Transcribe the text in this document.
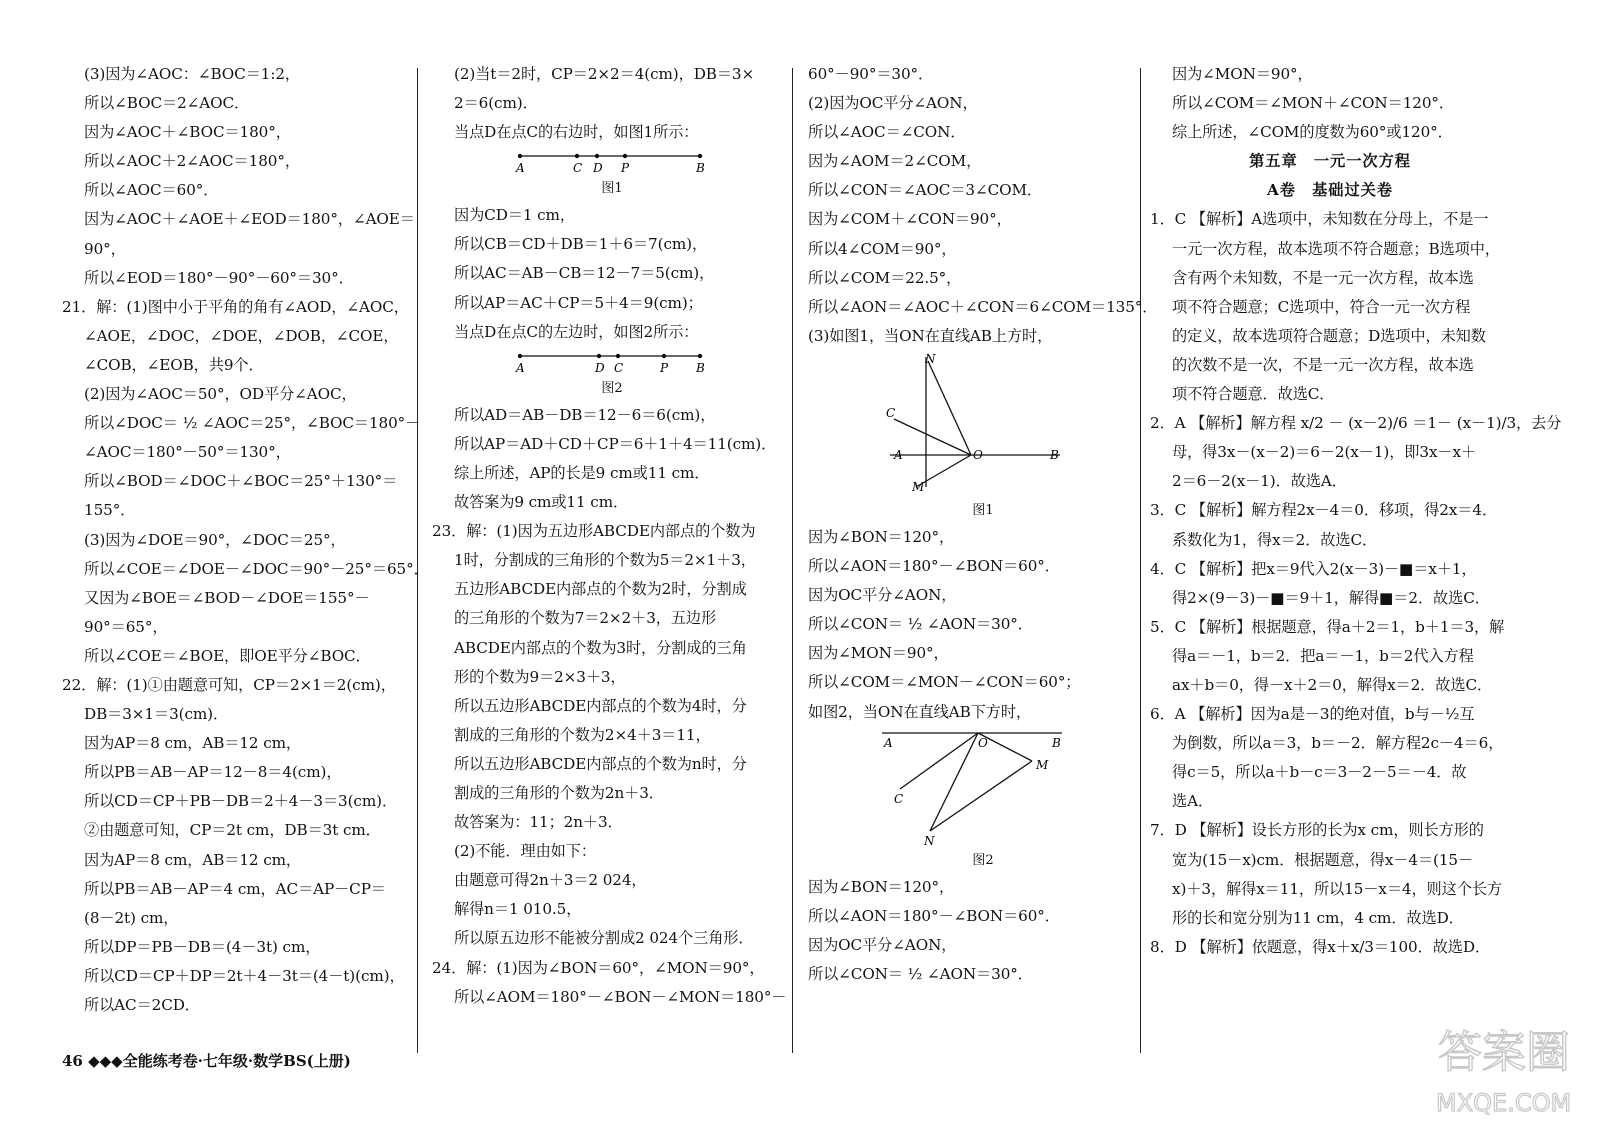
(3)因为∠AOC：∠BOC＝1:2，
所以∠BOC＝2∠AOC．
因为∠AOC＋∠BOC＝180°，
所以∠AOC＋2∠AOC＝180°，
所以∠AOC＝60°．
因为∠AOC＋∠AOE＋∠EOD＝180°，∠AOE＝
90°，
所以∠EOD＝180°－90°－60°＝30°．
21．解：(1)图中小于平角的角有∠AOD，∠AOC，
∠AOE，∠DOC，∠DOE，∠DOB，∠COE，
∠COB，∠EOB，共9个．
(2)因为∠AOC＝50°，OD平分∠AOC，
所以∠DOC＝ ½ ∠AOC＝25°，∠BOC＝180°－
∠AOC＝180°－50°＝130°，
所以∠BOD＝∠DOC＋∠BOC＝25°＋130°＝
155°．
(3)因为∠DOE＝90°，∠DOC＝25°，
所以∠COE＝∠DOE－∠DOC＝90°－25°＝65°．
又因为∠BOE＝∠BOD－∠DOE＝155°－
90°＝65°，
所以∠COE＝∠BOE，即OE平分∠BOC．
22．解：(1)①由题意可知，CP＝2×1＝2(cm)，
DB＝3×1＝3(cm)．
因为AP＝8 cm，AB＝12 cm，
所以PB＝AB－AP＝12－8＝4(cm)，
所以CD＝CP＋PB－DB＝2＋4－3＝3(cm)．
②由题意可知，CP＝2t cm，DB＝3t cm．
因为AP＝8 cm，AB＝12 cm，
所以PB＝AB－AP＝4 cm，AC＝AP－CP＝
(8－2t) cm，
所以DP＝PB－DB＝(4－3t) cm，
所以CD＝CP＋DP＝2t＋4－3t＝(4－t)(cm)，
所以AC＝2CD．
(2)当t＝2时，CP＝2×2＝4(cm)，DB＝3×
2＝6(cm)．
当点D在点C的右边时，如图1所示：
A	C D P	B
图1
因为CD＝1 cm，
所以CB＝CD＋DB＝1＋6＝7(cm)，
所以AC＝AB－CB＝12－7＝5(cm)，
所以AP＝AC＋CP＝5＋4＝9(cm)；
当点D在点C的左边时，如图2所示：
A	D C	P B
图2
所以AD＝AB－DB＝12－6＝6(cm)，
所以AP＝AD＋CD＋CP＝6＋1＋4＝11(cm)．
综上所述，AP的长是9 cm或11 cm．
故答案为9 cm或11 cm．
23．解：(1)因为五边形ABCDE内部点的个数为
1时，分割成的三角形的个数为5＝2×1＋3，
五边形ABCDE内部点的个数为2时，分割成
的三角形的个数为7＝2×2＋3，五边形
ABCDE内部点的个数为3时，分割成的三角
形的个数为9＝2×3＋3，
所以五边形ABCDE内部点的个数为4时，分
割成的三角形的个数为2×4＋3＝11，
所以五边形ABCDE内部点的个数为n时，分
割成的三角形的个数为2n＋3．
故答案为：11；2n＋3．
(2)不能．理由如下：
由题意可得2n＋3＝2 024，
解得n＝1 010.5，
所以原五边形不能被分割成2 024个三角形．
24．解：(1)因为∠BON＝60°，∠MON＝90°，
所以∠AOM＝180°－∠BON－∠MON＝180°－
60°－90°＝30°．
(2)因为OC平分∠AON，
所以∠AOC＝∠CON．
因为∠AOM＝2∠COM，
所以∠CON＝∠AOC＝3∠COM．
因为∠COM＋∠CON＝90°，
所以4∠COM＝90°，
所以∠COM＝22.5°，
所以∠AON＝∠AOC＋∠CON＝6∠COM＝135°．
(3)如图1，当ON在直线AB上方时，
N
C
A	O	B
M
图1
因为∠BON＝120°，
所以∠AON＝180°－∠BON＝60°．
因为OC平分∠AON，
所以∠CON＝ ½ ∠AON＝30°．
因为∠MON＝90°，
所以∠COM＝∠MON－∠CON＝60°；
如图2，当ON在直线AB下方时，
A	O	B
M
C
N
图2
因为∠BON＝120°，
所以∠AON＝180°－∠BON＝60°．
因为OC平分∠AON，
所以∠CON＝ ½ ∠AON＝30°．
因为∠MON＝90°，
所以∠COM＝∠MON＋∠CON＝120°．
综上所述，∠COM的度数为60°或120°．
第五章　一元一次方程
A卷　基础过关卷
1．C 【解析】A选项中，未知数在分母上，不是一
一元一次方程，故本选项不符合题意；B选项中，
含有两个未知数，不是一元一次方程，故本选
项不符合题意；C选项中，符合一元一次方程
的定义，故本选项符合题意；D选项中，未知数
的次数不是一次，不是一元一次方程，故本选
项不符合题意．故选C．
2．A 【解析】解方程 x/2 － (x－2)/6 ＝1－ (x－1)/3，去分
母，得3x－(x－2)＝6－2(x－1)，即3x－x＋
2＝6－2(x－1)．故选A．
3．C 【解析】解方程2x－4＝0．移项，得2x＝4．
系数化为1，得x＝2．故选C．
4．C 【解析】把x＝9代入2(x－3)－■＝x＋1，
得2×(9－3)－■＝9＋1，解得■＝2．故选C．
5．C 【解析】根据题意，得a＋2＝1，b＋1＝3，解
得a＝－1，b＝2．把a＝－1，b＝2代入方程
ax＋b＝0，得－x＋2＝0，解得x＝2．故选C．
6．A 【解析】因为a是－3的绝对值，b与－½互
为倒数，所以a＝3，b＝－2．解方程2c－4＝6，
得c＝5，所以a＋b－c＝3－2－5＝－4．故
选A．
7．D 【解析】设长方形的长为x cm，则长方形的
宽为(15－x)cm．根据题意，得x－4＝(15－
x)＋3，解得x＝11，所以15－x＝4，则这个长方
形的长和宽分别为11 cm，4 cm．故选D．
8．D 【解析】依题意，得x＋x/3＝100．故选D．
46 ◆◆◆全能练考卷·七年级·数学BS(上册)	答案圈
MXQE.COM
